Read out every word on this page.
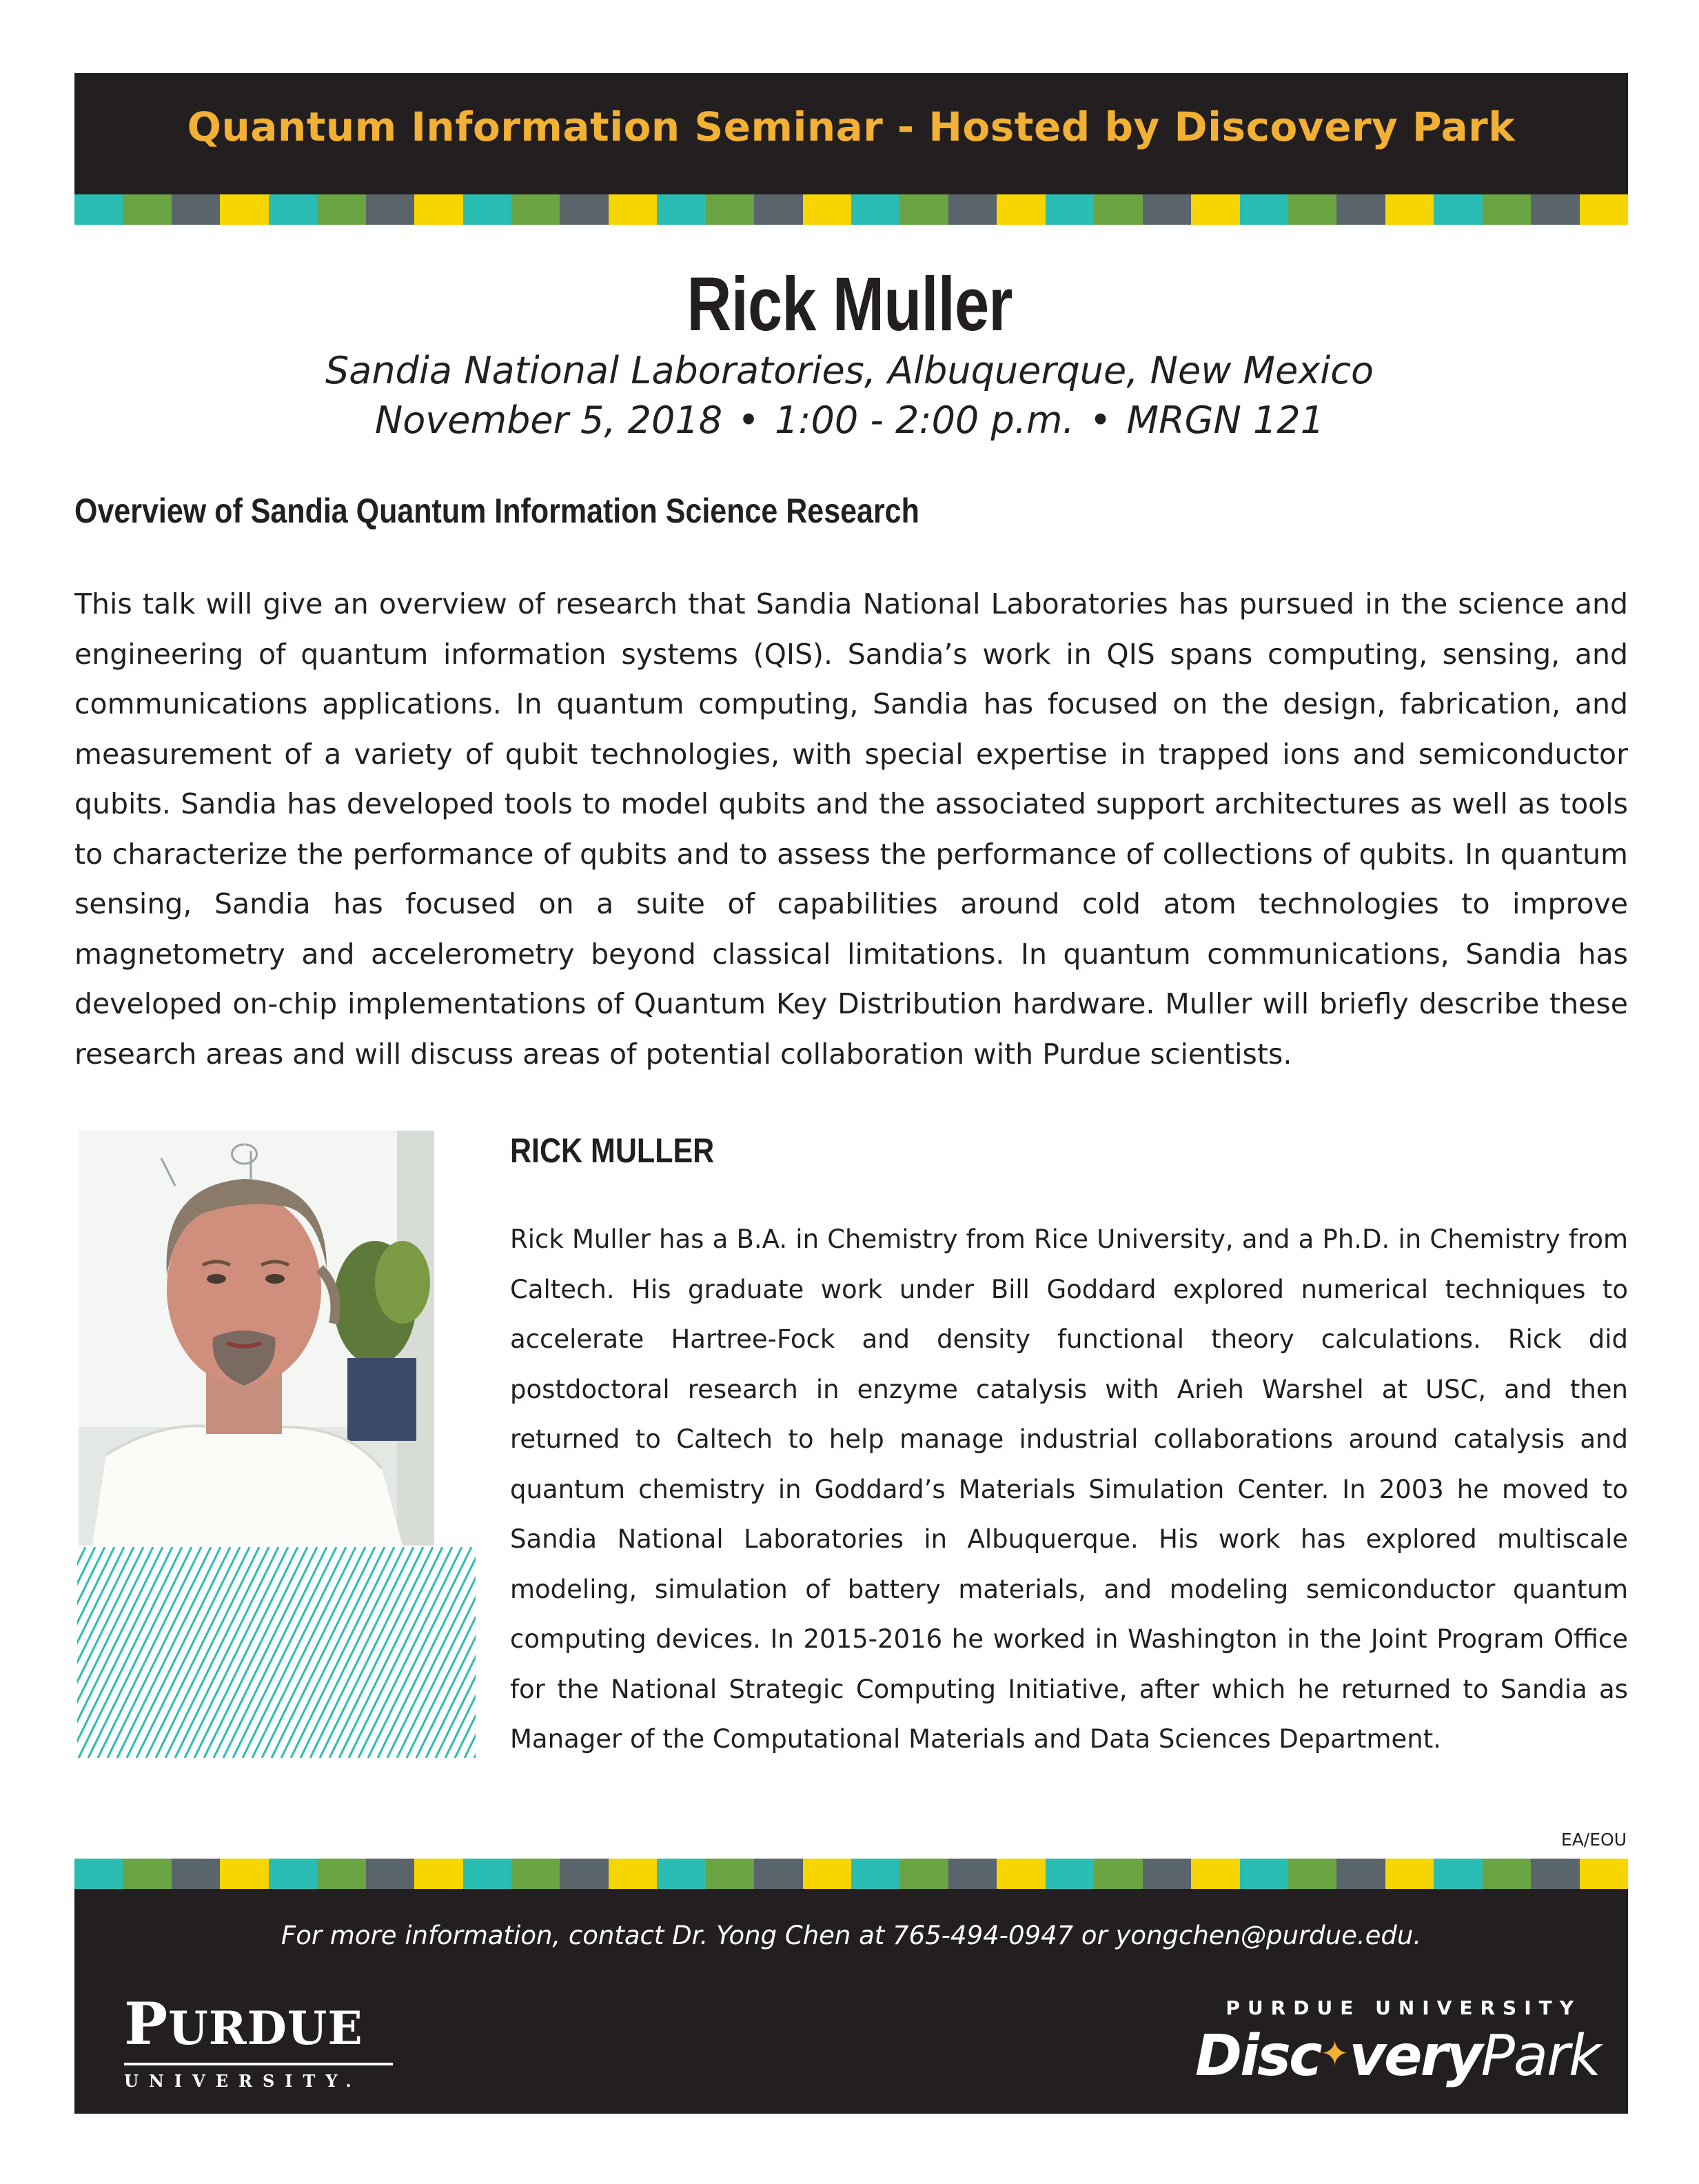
Quantum Information Seminar - Hosted by Discovery Park
Rick Muller
Sandia National Laboratories, Albuquerque, New Mexico
November 5, 2018 • 1:00 - 2:00 p.m. • MRGN 121
Overview of Sandia Quantum Information Science Research

This talk will give an overview of research that Sandia National Laboratories has pursued in the science and engineering of quantum information systems (QIS). Sandia’s work in QIS spans computing, sensing, and communications applications. In quantum computing, Sandia has focused on the design, fabrication, and measurement of a variety of qubit technologies, with special expertise in trapped ions and semiconductor qubits. Sandia has developed tools to model qubits and the associated support architectures as well as tools to characterize the performance of qubits and to assess the performance of collections of qubits. In quantum sensing, Sandia has focused on a suite of capabilities around cold atom technologies to improve magnetometry and accelerometry beyond classical limitations. In quantum communications, Sandia has developed on-chip implementations of Quantum Key Distribution hardware. Muller will briefly describe these research areas and will discuss areas of potential collaboration with Purdue scientists.

RICK MULLER

Rick Muller has a B.A. in Chemistry from Rice University, and a Ph.D. in Chemistry from Caltech. His graduate work under Bill Goddard explored numerical techniques to accelerate Hartree-Fock and density functional theory calculations. Rick did postdoctoral research in enzyme catalysis with Arieh Warshel at USC, and then returned to Caltech to help manage industrial collaborations around catalysis and quantum chemistry in Goddard’s Materials Simulation Center. In 2003 he moved to Sandia National Laboratories in Albuquerque. His work has explored multiscale modeling, simulation of battery materials, and modeling semiconductor quantum computing devices. In 2015-2016 he worked in Washington in the Joint Program Office for the National Strategic Computing Initiative, after which he returned to Sandia as Manager of the Computational Materials and Data Sciences Department.

EA/EOU
For more information, contact Dr. Yong Chen at 765-494-0947 or yongchen@purdue.edu.
PURDUE
UNIVERSITY.
PURDUE UNIVERSITY
Disc✦veryPark
